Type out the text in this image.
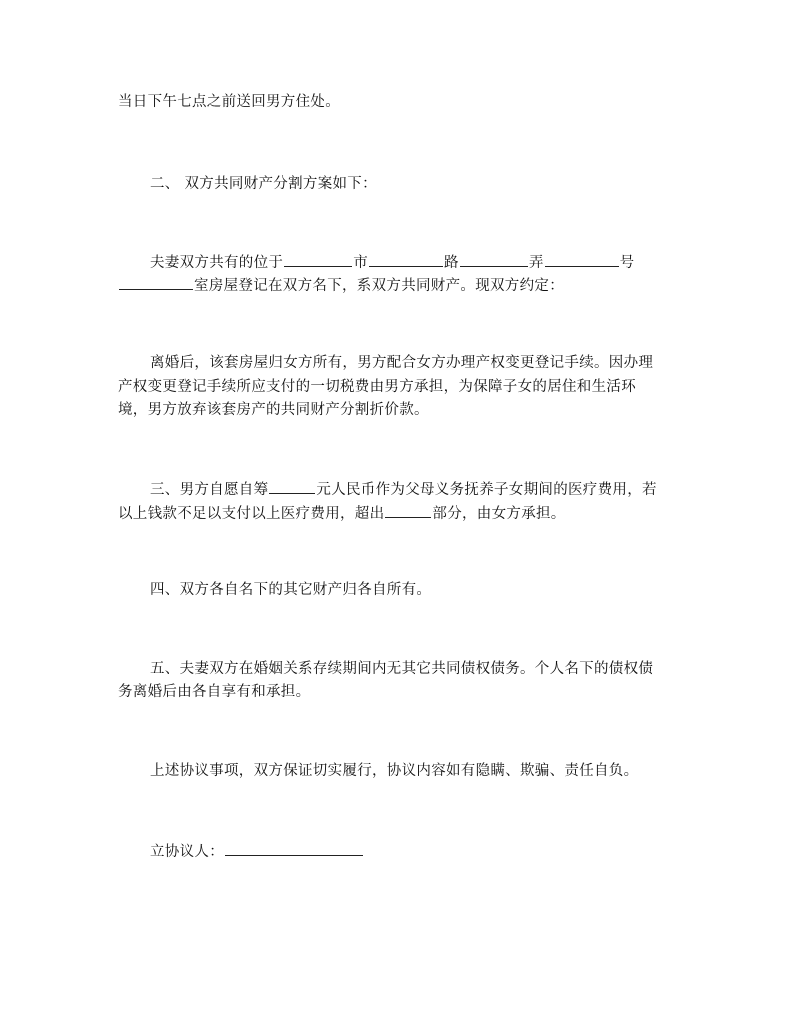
当日下午七点之前送回男方住处。
二、 双方共同财产分割方案如下：
夫妻双方共有的位于	市	路	弄	号
室房屋登记在双方名下，系双方共同财产。现双方约定：
离婚后，该套房屋归女方所有，男方配合女方办理产权变更登记手续。因办理
产权变更登记手续所应支付的一切税费由男方承担，为保障子女的居住和生活环
境，男方放弃该套房产的共同财产分割折价款。
三、男方自愿自筹	元人民币作为父母义务抚养子女期间的医疗费用，若
以上钱款不足以支付以上医疗费用，超出	部分，由女方承担。
四、双方各自名下的其它财产归各自所有。
五、夫妻双方在婚姻关系存续期间内无其它共同债权债务。个人名下的债权债
务离婚后由各自享有和承担。
上述协议事项，双方保证切实履行，协议内容如有隐瞒、欺骗、责任自负。
立协议人：
